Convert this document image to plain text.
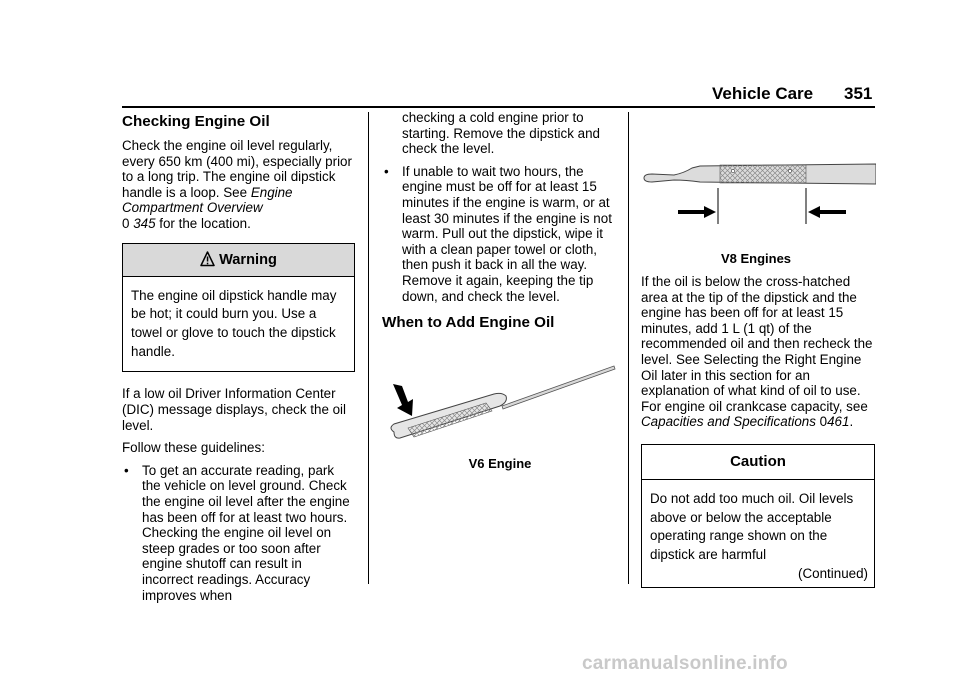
Vehicle Care 351
Checking Engine Oil

Check the engine oil level regularly, every 650 km (400 mi), especially prior to a long trip. The engine oil dipstick handle is a loop. See Engine Compartment Overview
0 345 for the location.

Warning
The engine oil dipstick handle may be hot; it could burn you. Use a towel or glove to touch the dipstick handle.

If a low oil Driver Information Center (DIC) message displays, check the oil level.

Follow these guidelines:

• To get an accurate reading, park the vehicle on level ground. Check the engine oil level after the engine has been off for at least two hours. Checking the engine oil level on steep grades or too soon after engine shutoff can result in incorrect readings. Accuracy improves when
checking a cold engine prior to starting. Remove the dipstick and check the level.
• If unable to wait two hours, the engine must be off for at least 15 minutes if the engine is warm, or at least 30 minutes if the engine is not warm. Pull out the dipstick, wipe it with a clean paper towel or cloth, then push it back in all the way. Remove it again, keeping the tip down, and check the level.
When to Add Engine Oil
V6 Engine
V8 Engines

If the oil is below the cross-hatched area at the tip of the dipstick and the engine has been off for at least 15 minutes, add 1 L (1 qt) of the recommended oil and then recheck the level. See Selecting the Right Engine Oil later in this section for an explanation of what kind of oil to use. For engine oil crankcase capacity, see Capacities and Specifications 0461.

Caution
Do not add too much oil. Oil levels above or below the acceptable operating range shown on the dipstick are harmful
(Continued)
carmanualsonline.info
